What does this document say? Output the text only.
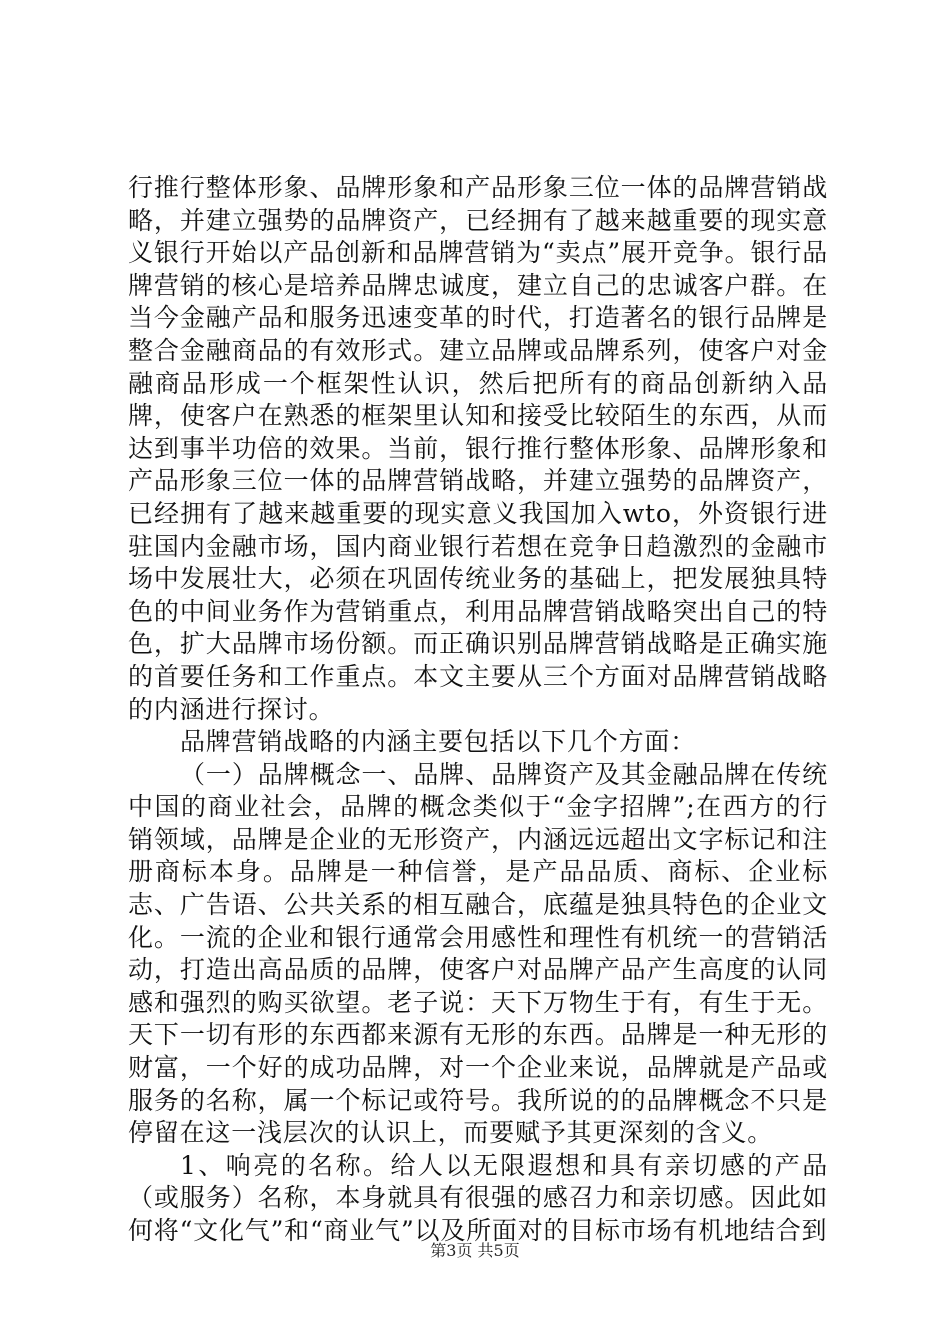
行推行整体形象、品牌形象和产品形象三位一体的品牌营销战略，并建立强势的品牌资产，已经拥有了越来越重要的现实意义银行开始以产品创新和品牌营销为“卖点”展开竞争。银行品牌营销的核心是培养品牌忠诚度，建立自己的忠诚客户群。在当今金融产品和服务迅速变革的时代，打造著名的银行品牌是整合金融商品的有效形式。建立品牌或品牌系列，使客户对金融商品形成一个框架性认识，然后把所有的商品创新纳入品牌，使客户在熟悉的框架里认知和接受比较陌生的东西，从而达到事半功倍的效果。当前，银行推行整体形象、品牌形象和产品形象三位一体的品牌营销战略，并建立强势的品牌资产，已经拥有了越来越重要的现实意义我国加入wto，外资银行进驻国内金融市场，国内商业银行若想在竞争日趋激烈的金融市场中发展壮大，必须在巩固传统业务的基础上，把发展独具特色的中间业务作为营销重点，利用品牌营销战略突出自己的特色，扩大品牌市场份额。而正确识别品牌营销战略是正确实施的首要任务和工作重点。本文主要从三个方面对品牌营销战略的内涵进行探讨。

品牌营销战略的内涵主要包括以下几个方面：

（一）品牌概念一、品牌、品牌资产及其金融品牌在传统中国的商业社会，品牌的概念类似于“金字招牌”;在西方的行销领域，品牌是企业的无形资产，内涵远远超出文字标记和注册商标本身。品牌是一种信誉，是产品品质、商标、企业标志、广告语、公共关系的相互融合，底蕴是独具特色的企业文化。一流的企业和银行通常会用感性和理性有机统一的营销活动，打造出高品质的品牌，使客户对品牌产品产生高度的认同感和强烈的购买欲望。老子说：天下万物生于有，有生于无。天下一切有形的东西都来源有无形的东西。品牌是一种无形的财富，一个好的成功品牌，对一个企业来说，品牌就是产品或服务的名称，属一个标记或符号。我所说的的品牌概念不只是停留在这一浅层次的认识上，而要赋予其更深刻的含义。

1、响亮的名称。给人以无限遐想和具有亲切感的产品（或服务）名称，本身就具有很强的感召力和亲切感。因此如何将“文化气”和“商业气”以及所面对的目标市场有机地结合到

第3页 共5页
